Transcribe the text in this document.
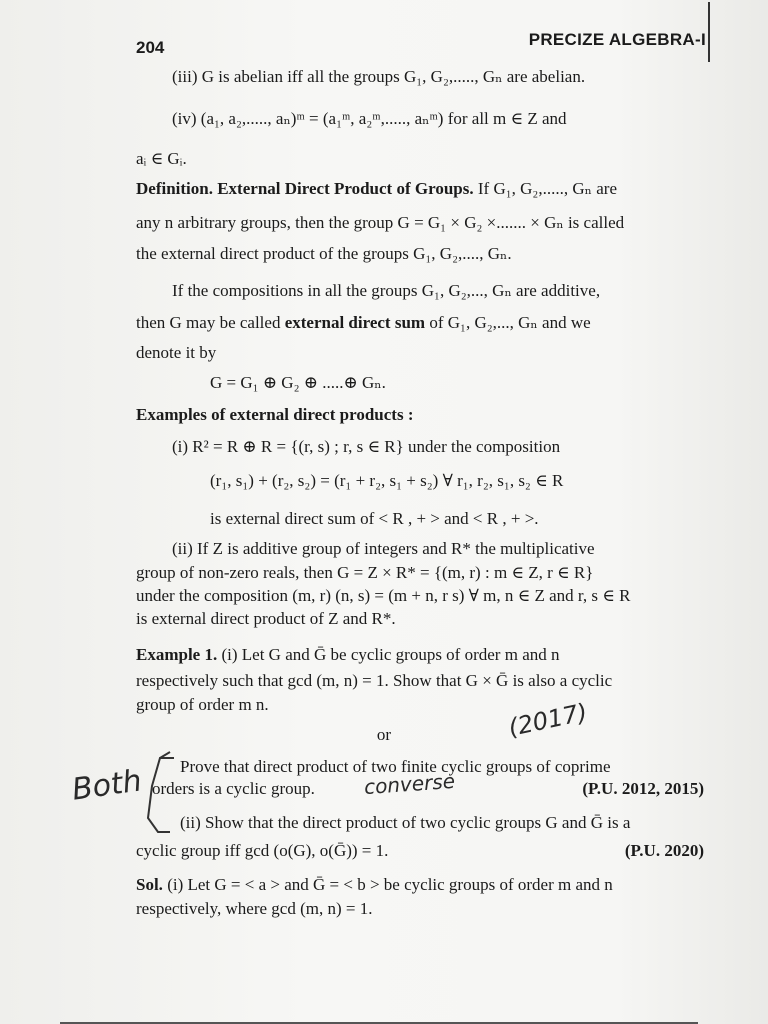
204	PRECIZE ALGEBRA-I
(iii) G is abelian iff all the groups G₁, G₂,....., Gₙ are abelian.
(iv) (a₁, a₂,....., aₙ)ᵐ = (a₁ᵐ, a₂ᵐ,....., aₙᵐ) for all m ∈ Z and
aᵢ ∈ Gᵢ.
Definition. External Direct Product of Groups. If G₁, G₂,....., Gₙ are
any n arbitrary groups, then the group G = G₁ × G₂ ×....... × Gₙ is called
the external direct product of the groups G₁, G₂,...., Gₙ.
If the compositions in all the groups G₁, G₂,..., Gₙ are additive,
then G may be called external direct sum of G₁, G₂,..., Gₙ and we
denote it by
G = G₁ ⊕ G₂ ⊕ .....⊕ Gₙ.
Examples of external direct products :
(i) R² = R ⊕ R = {(r, s) ; r, s ∈ R} under the composition
(r₁, s₁) + (r₂, s₂) = (r₁ + r₂, s₁ + s₂) ∀ r₁, r₂, s₁, s₂ ∈ R
is external direct sum of < R , + > and < R , + >.
(ii) If Z is additive group of integers and R* the multiplicative
group of non-zero reals, then G = Z × R* = {(m, r) : m ∈ Z, r ∈ R}
under the composition (m, r) (n, s) = (m + n, r s) ∀ m, n ∈ Z and r, s ∈ R
is external direct product of Z and R*.
Example 1. (i) Let G and Ḡ be cyclic groups of order m and n
respectively such that gcd (m, n) = 1. Show that G × Ḡ is also a cyclic
group of order m n.
or
Prove that direct product of two finite cyclic groups of coprime
orders is a cyclic group.	(P.U. 2012, 2015)
(ii) Show that the direct product of two cyclic groups G and Ḡ is a
cyclic group iff gcd (o(G), o(Ḡ)) = 1.	(P.U. 2020)
Sol. (i) Let G = < a > and Ḡ = < b > be cyclic groups of order m and n
respectively, where gcd (m, n) = 1.
Both
(2017)
converse
